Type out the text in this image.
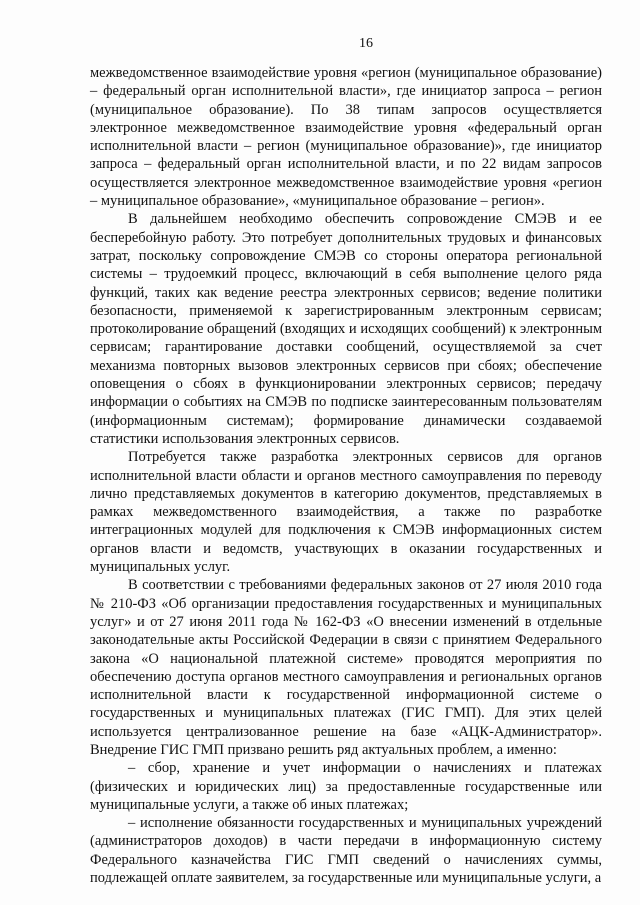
16

межведомственное взаимодействие уровня «регион (муниципальное образование) – федеральный орган исполнительной власти», где инициатор запроса – регион (муниципальное образование). По 38 типам запросов осуществляется электронное межведомственное взаимодействие уровня «федеральный орган исполнительной власти – регион (муниципальное образование)», где инициатор запроса – федеральный орган исполнительной власти, и по 22 видам запросов осуществляется электронное межведомственное взаимодействие уровня «регион – муниципальное образование», «муниципальное образование – регион».

В дальнейшем необходимо обеспечить сопровождение СМЭВ и ее бесперебойную работу. Это потребует дополнительных трудовых и финансовых затрат, поскольку сопровождение СМЭВ со стороны оператора региональной системы – трудоемкий процесс, включающий в себя выполнение целого ряда функций, таких как ведение реестра электронных сервисов; ведение политики безопасности, применяемой к зарегистрированным электронным сервисам; протоколирование обращений (входящих и исходящих сообщений) к электронным сервисам; гарантирование доставки сообщений, осуществляемой за счет механизма повторных вызовов электронных сервисов при сбоях; обеспечение оповещения о сбоях в функционировании электронных сервисов; передачу информации о событиях на СМЭВ по подписке заинтересованным пользователям (информационным системам); формирование динамически создаваемой статистики использования электронных сервисов.

Потребуется также разработка электронных сервисов для органов исполнительной власти области и органов местного самоуправления по переводу лично представляемых документов в категорию документов, представляемых в рамках межведомственного взаимодействия, а также по разработке интеграционных модулей для подключения к СМЭВ информационных систем органов власти и ведомств, участвующих в оказании государственных и муниципальных услуг.

В соответствии с требованиями федеральных законов от 27 июля 2010 года № 210-ФЗ «Об организации предоставления государственных и муниципальных услуг» и от 27 июня 2011 года № 162-ФЗ «О внесении изменений в отдельные законодательные акты Российской Федерации в связи с принятием Федерального закона «О национальной платежной системе» проводятся мероприятия по обеспечению доступа органов местного самоуправления и региональных органов исполнительной власти к государственной информационной системе о государственных и муниципальных платежах (ГИС ГМП). Для этих целей используется централизованное решение на базе «АЦК-Администратор». Внедрение ГИС ГМП призвано решить ряд актуальных проблем, а именно:

– сбор, хранение и учет информации о начислениях и платежах (физических и юридических лиц) за предоставленные государственные или муниципальные услуги, а также об иных платежах;

– исполнение обязанности государственных и муниципальных учреждений (администраторов доходов) в части передачи в информационную систему Федерального казначейства ГИС ГМП сведений о начислениях суммы, подлежащей оплате заявителем, за государственные или муниципальные услуги, а
